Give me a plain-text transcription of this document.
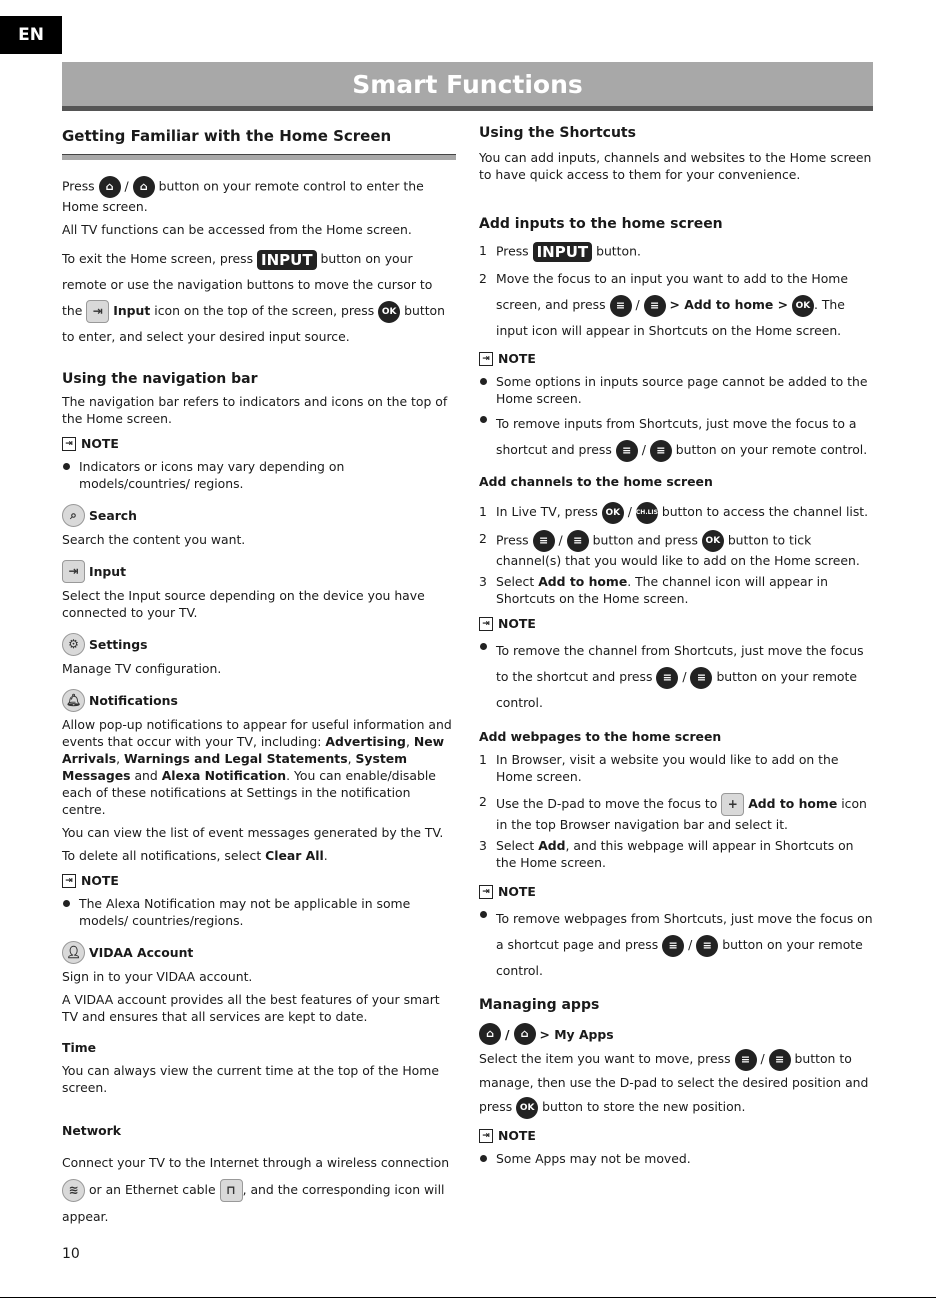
EN
Smart Functions

Getting Familiar with the Home Screen

Press ⌂ / ⌂ button on your remote control to enter the Home screen.

All TV functions can be accessed from the Home screen.

To exit the Home screen, press INPUT button on your remote or use the navigation buttons to move the cursor to the ⇥ Input icon on the top of the screen, press OK button to enter, and select your desired input source.

Using the navigation bar

The navigation bar refers to indicators and icons on the top of the Home screen.

⇥ NOTE

Indicators or icons may vary depending on models/countries/ regions.

⌕ Search

Search the content you want.

⇥ Input

Select the Input source depending on the device you have connected to your TV.

⚙ Settings

Manage TV configuration.

🔔︎ Notifications

Allow pop-up notifications to appear for useful information and events that occur with your TV, including: Advertising, New Arrivals, Warnings and Legal Statements, System Messages and Alexa Notification. You can enable/disable each of these notifications at Settings in the notification centre.

You can view the list of event messages generated by the TV.

To delete all notifications, select Clear All.

⇥ NOTE

The Alexa Notification may not be applicable in some models/ countries/regions.

👤︎ VIDAA Account

Sign in to your VIDAA account.

A VIDAA account provides all the best features of your smart TV and ensures that all services are kept to date.

Time

You can always view the current time at the top of the Home screen.

Network

Connect your TV to the Internet through a wireless connection ≋ or an Ethernet cable ⊓ , and the corresponding icon will appear.

Using the Shortcuts

You can add inputs, channels and websites to the Home screen to have quick access to them for your convenience.

Add inputs to the home screen

1 Press INPUT button.

2 Move the focus to an input you want to add to the Home screen, and press ≡ / ≡ > Add to home > OK . The input icon will appear in Shortcuts on the Home screen.

⇥ NOTE

Some options in inputs source page cannot be added to the Home screen.

To remove inputs from Shortcuts, just move the focus to a shortcut and press ≡ / ≡ button on your remote control.

Add channels to the home screen

1 In Live TV, press OK / CH.LIST button to access the channel list.

2 Press ≡ / ≡ button and press OK button to tick channel(s) that you would like to add on the Home screen.

3 Select Add to home. The channel icon will appear in Shortcuts on the Home screen.

⇥ NOTE

To remove the channel from Shortcuts, just move the focus to the shortcut and press ≡ / ≡ button on your remote control.

Add webpages to the home screen

1 In Browser, visit a website you would like to add on the Home screen.

2 Use the D-pad to move the focus to + Add to home icon in the top Browser navigation bar and select it.

3 Select Add, and this webpage will appear in Shortcuts on the Home screen.

⇥ NOTE

To remove webpages from Shortcuts, just move the focus on a shortcut page and press ≡ / ≡ button on your remote control.

Managing apps

⌂ /	⌂ > My Apps

Select the item you want to move, press ≡ / ≡ button to manage, then use the D-pad to select the desired position and press OK button to store the new position.

⇥ NOTE

Some Apps may not be moved.

10
